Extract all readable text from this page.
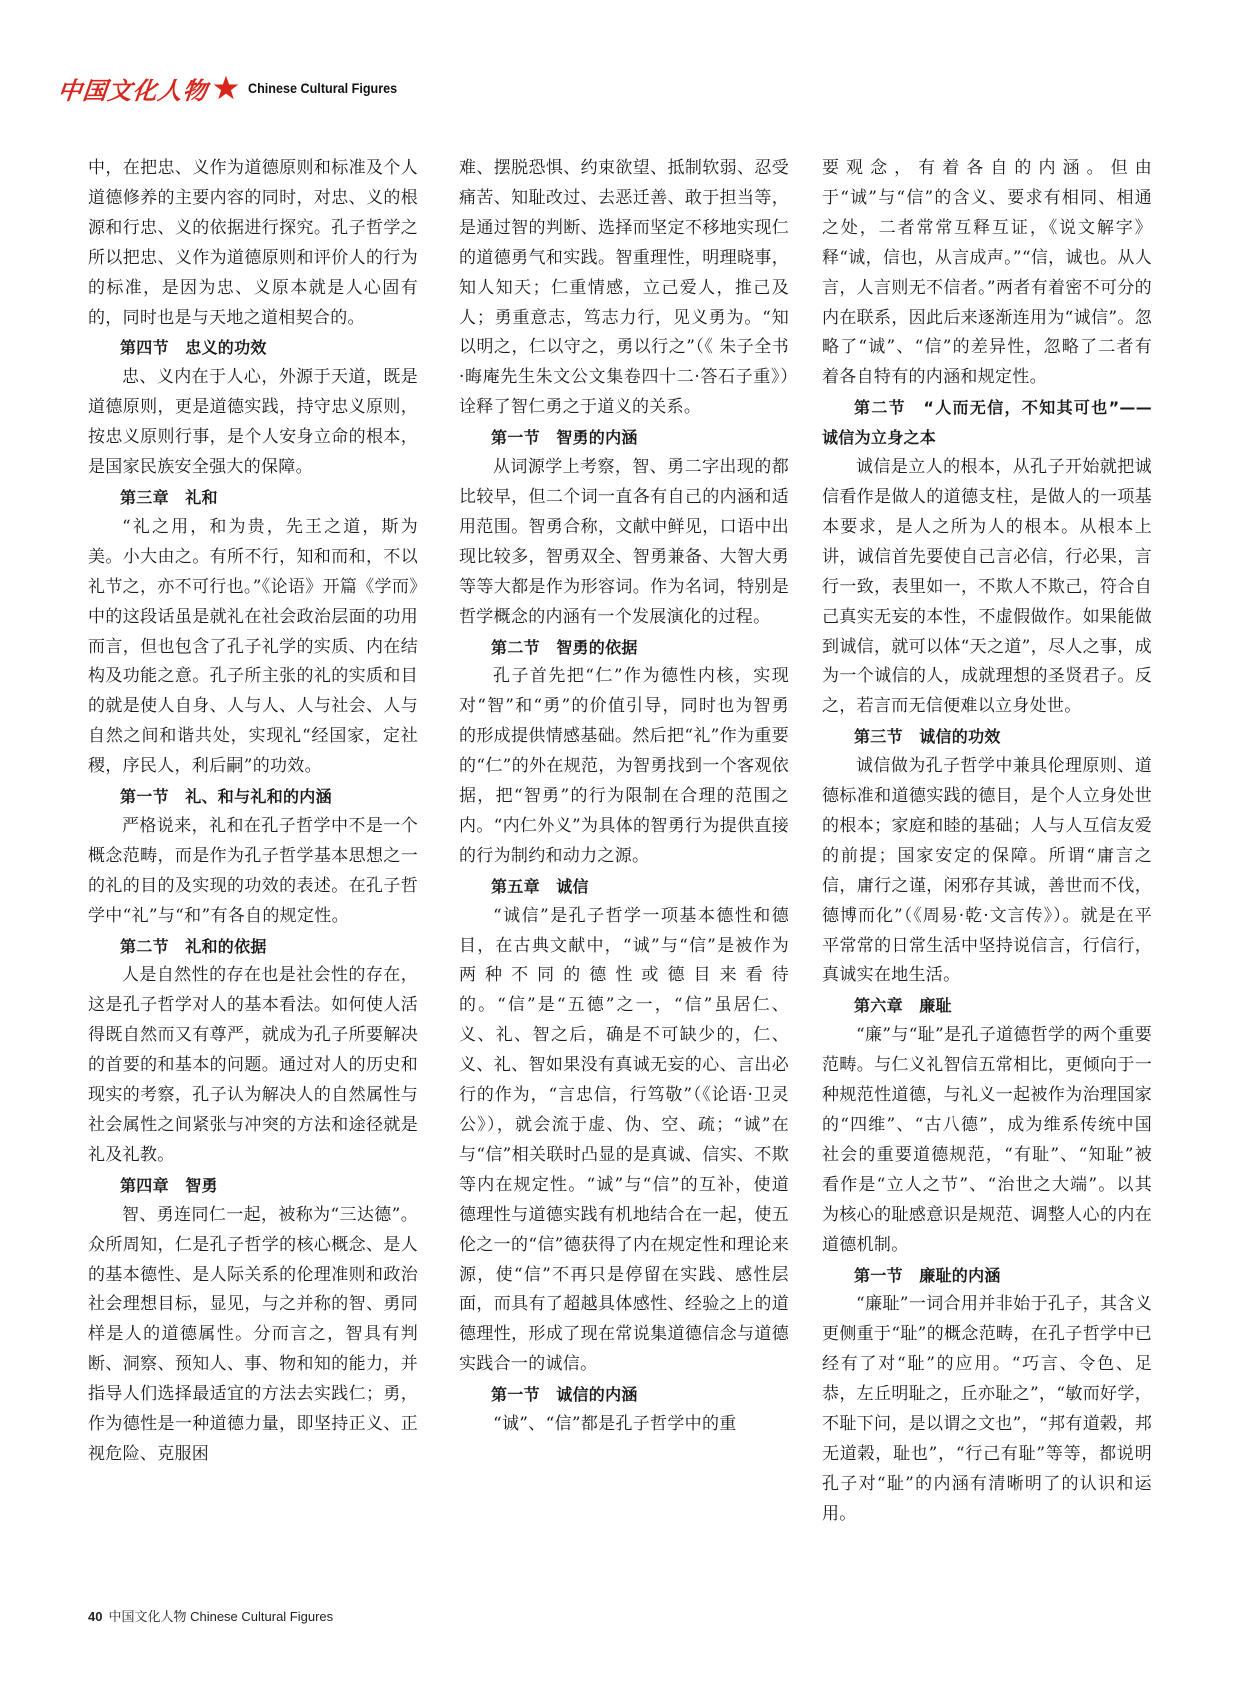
中国文化人物	Chinese Cultural Figures

中，在把忠、义作为道德原则和标准及个人道德修养的主要内容的同时，对忠、义的根源和行忠、义的依据进行探究。孔子哲学之所以把忠、义作为道德原则和评价人的行为的标准，是因为忠、义原本就是人心固有的，同时也是与天地之道相契合的。

第四节　忠义的功效

忠、义内在于人心，外源于天道，既是道德原则，更是道德实践，持守忠义原则，按忠义原则行事，是个人安身立命的根本，是国家民族安全强大的保障。

第三章　礼和

“礼之用，和为贵，先王之道，斯为美。小大由之。有所不行，知和而和，不以礼节之，亦不可行也。”《论语》开篇《学而》中的这段话虽是就礼在社会政治层面的功用而言，但也包含了孔子礼学的实质、内在结构及功能之意。孔子所主张的礼的实质和目的就是使人自身、人与人、人与社会、人与自然之间和谐共处，实现礼“经国家，定社稷，序民人，利后嗣”的功效。

第一节　礼、和与礼和的内涵

严格说来，礼和在孔子哲学中不是一个概念范畴，而是作为孔子哲学基本思想之一的礼的目的及实现的功效的表述。在孔子哲学中“礼”与“和”有各自的规定性。

第二节　礼和的依据

人是自然性的存在也是社会性的存在，这是孔子哲学对人的基本看法。如何使人活得既自然而又有尊严，就成为孔子所要解决的首要的和基本的问题。通过对人的历史和现实的考察，孔子认为解决人的自然属性与社会属性之间紧张与冲突的方法和途径就是礼及礼教。

第四章　智勇

智、勇连同仁一起，被称为“三达德”。众所周知，仁是孔子哲学的核心概念、是人的基本德性、是人际关系的伦理准则和政治社会理想目标，显见，与之并称的智、勇同样是人的道德属性。分而言之，智具有判断、洞察、预知人、事、物和知的能力，并指导人们选择最适宜的方法去实践仁；勇，作为德性是一种道德力量，即坚持正义、正视危险、克服困

难、摆脱恐惧、约束欲望、抵制软弱、忍受痛苦、知耻改过、去恶迁善、敢于担当等，是通过智的判断、选择而坚定不移地实现仁的道德勇气和实践。智重理性，明理晓事，知人知天；仁重情感，立己爱人，推己及人；勇重意志，笃志力行，见义勇为。“知以明之，仁以守之，勇以行之”（《 朱子全书·晦庵先生朱文公文集卷四十二·答石子重》）诠释了智仁勇之于道义的关系。

第一节　智勇的内涵

从词源学上考察，智、勇二字出现的都比较早，但二个词一直各有自己的内涵和适用范围。智勇合称，文献中鲜见，口语中出现比较多，智勇双全、智勇兼备、大智大勇等等大都是作为形容词。作为名词，特别是哲学概念的内涵有一个发展演化的过程。

第二节　智勇的依据

孔子首先把“仁”作为德性内核，实现对“智”和“勇”的价值引导，同时也为智勇的形成提供情感基础。然后把“礼”作为重要的“仁”的外在规范，为智勇找到一个客观依据，把“智勇”的行为限制在合理的范围之内。“内仁外义”为具体的智勇行为提供直接的行为制约和动力之源。

第五章　诚信

“诚信”是孔子哲学一项基本德性和德目，在古典文献中，“诚”与“信”是被作为两种不同的德性或德目来看待的。“信”是“五德”之一，“信”虽居仁、义、礼、智之后，确是不可缺少的，仁、义、礼、智如果没有真诚无妄的心、言出必行的作为，“言忠信，行笃敬”（《论语·卫灵公》），就会流于虚、伪、空、疏；“诚”在与“信”相关联时凸显的是真诚、信实、不欺等内在规定性。“诚”与“信”的互补，使道德理性与道德实践有机地结合在一起，使五伦之一的“信”德获得了内在规定性和理论来源，使“信”不再只是停留在实践、感性层面，而具有了超越具体感性、经验之上的道德理性，形成了现在常说集道德信念与道德实践合一的诚信。

第一节　诚信的内涵

“诚”、“信”都是孔子哲学中的重

要观念，有着各自的内涵。但由于“诚”与“信”的含义、要求有相同、相通之处，二者常常互释互证，《说文解字》释“诚，信也，从言成声。”“信，诚也。从人言，人言则无不信者。”两者有着密不可分的内在联系，因此后来逐渐连用为“诚信”。忽略了“诚”、“信”的差异性，忽略了二者有着各自特有的内涵和规定性。

第二节　“人而无信，不知其可也”——诚信为立身之本

诚信是立人的根本，从孔子开始就把诚信看作是做人的道德支柱，是做人的一项基本要求，是人之所为人的根本。从根本上讲，诚信首先要使自己言必信，行必果，言行一致，表里如一，不欺人不欺己，符合自己真实无妄的本性，不虚假做作。如果能做到诚信，就可以体“天之道”，尽人之事，成为一个诚信的人，成就理想的圣贤君子。反之，若言而无信便难以立身处世。

第三节　诚信的功效

诚信做为孔子哲学中兼具伦理原则、道德标准和道德实践的德目，是个人立身处世的根本；家庭和睦的基础；人与人互信友爱的前提；国家安定的保障。所谓“庸言之信，庸行之谨，闲邪存其诚，善世而不伐，德博而化”（《周易·乾·文言传》）。就是在平平常常的日常生活中坚持说信言，行信行，真诚实在地生活。

第六章　廉耻

“廉”与“耻”是孔子道德哲学的两个重要范畴。与仁义礼智信五常相比，更倾向于一种规范性道德，与礼义一起被作为治理国家的“四维”、“古八德”，成为维系传统中国社会的重要道德规范，“有耻”、“知耻”被看作是“立人之节”、“治世之大端”。以其为核心的耻感意识是规范、调整人心的内在道德机制。

第一节　廉耻的内涵

“廉耻”一词合用并非始于孔子，其含义更侧重于“耻”的概念范畴，在孔子哲学中已经有了对“耻”的应用。“巧言、令色、足恭，左丘明耻之，丘亦耻之”，“敏而好学，不耻下问，是以谓之文也”，“邦有道榖，邦无道榖，耻也”，“行己有耻”等等，都说明孔子对“耻”的内涵有清晰明了的认识和运用。

40 中国文化人物 Chinese Cultural Figures
